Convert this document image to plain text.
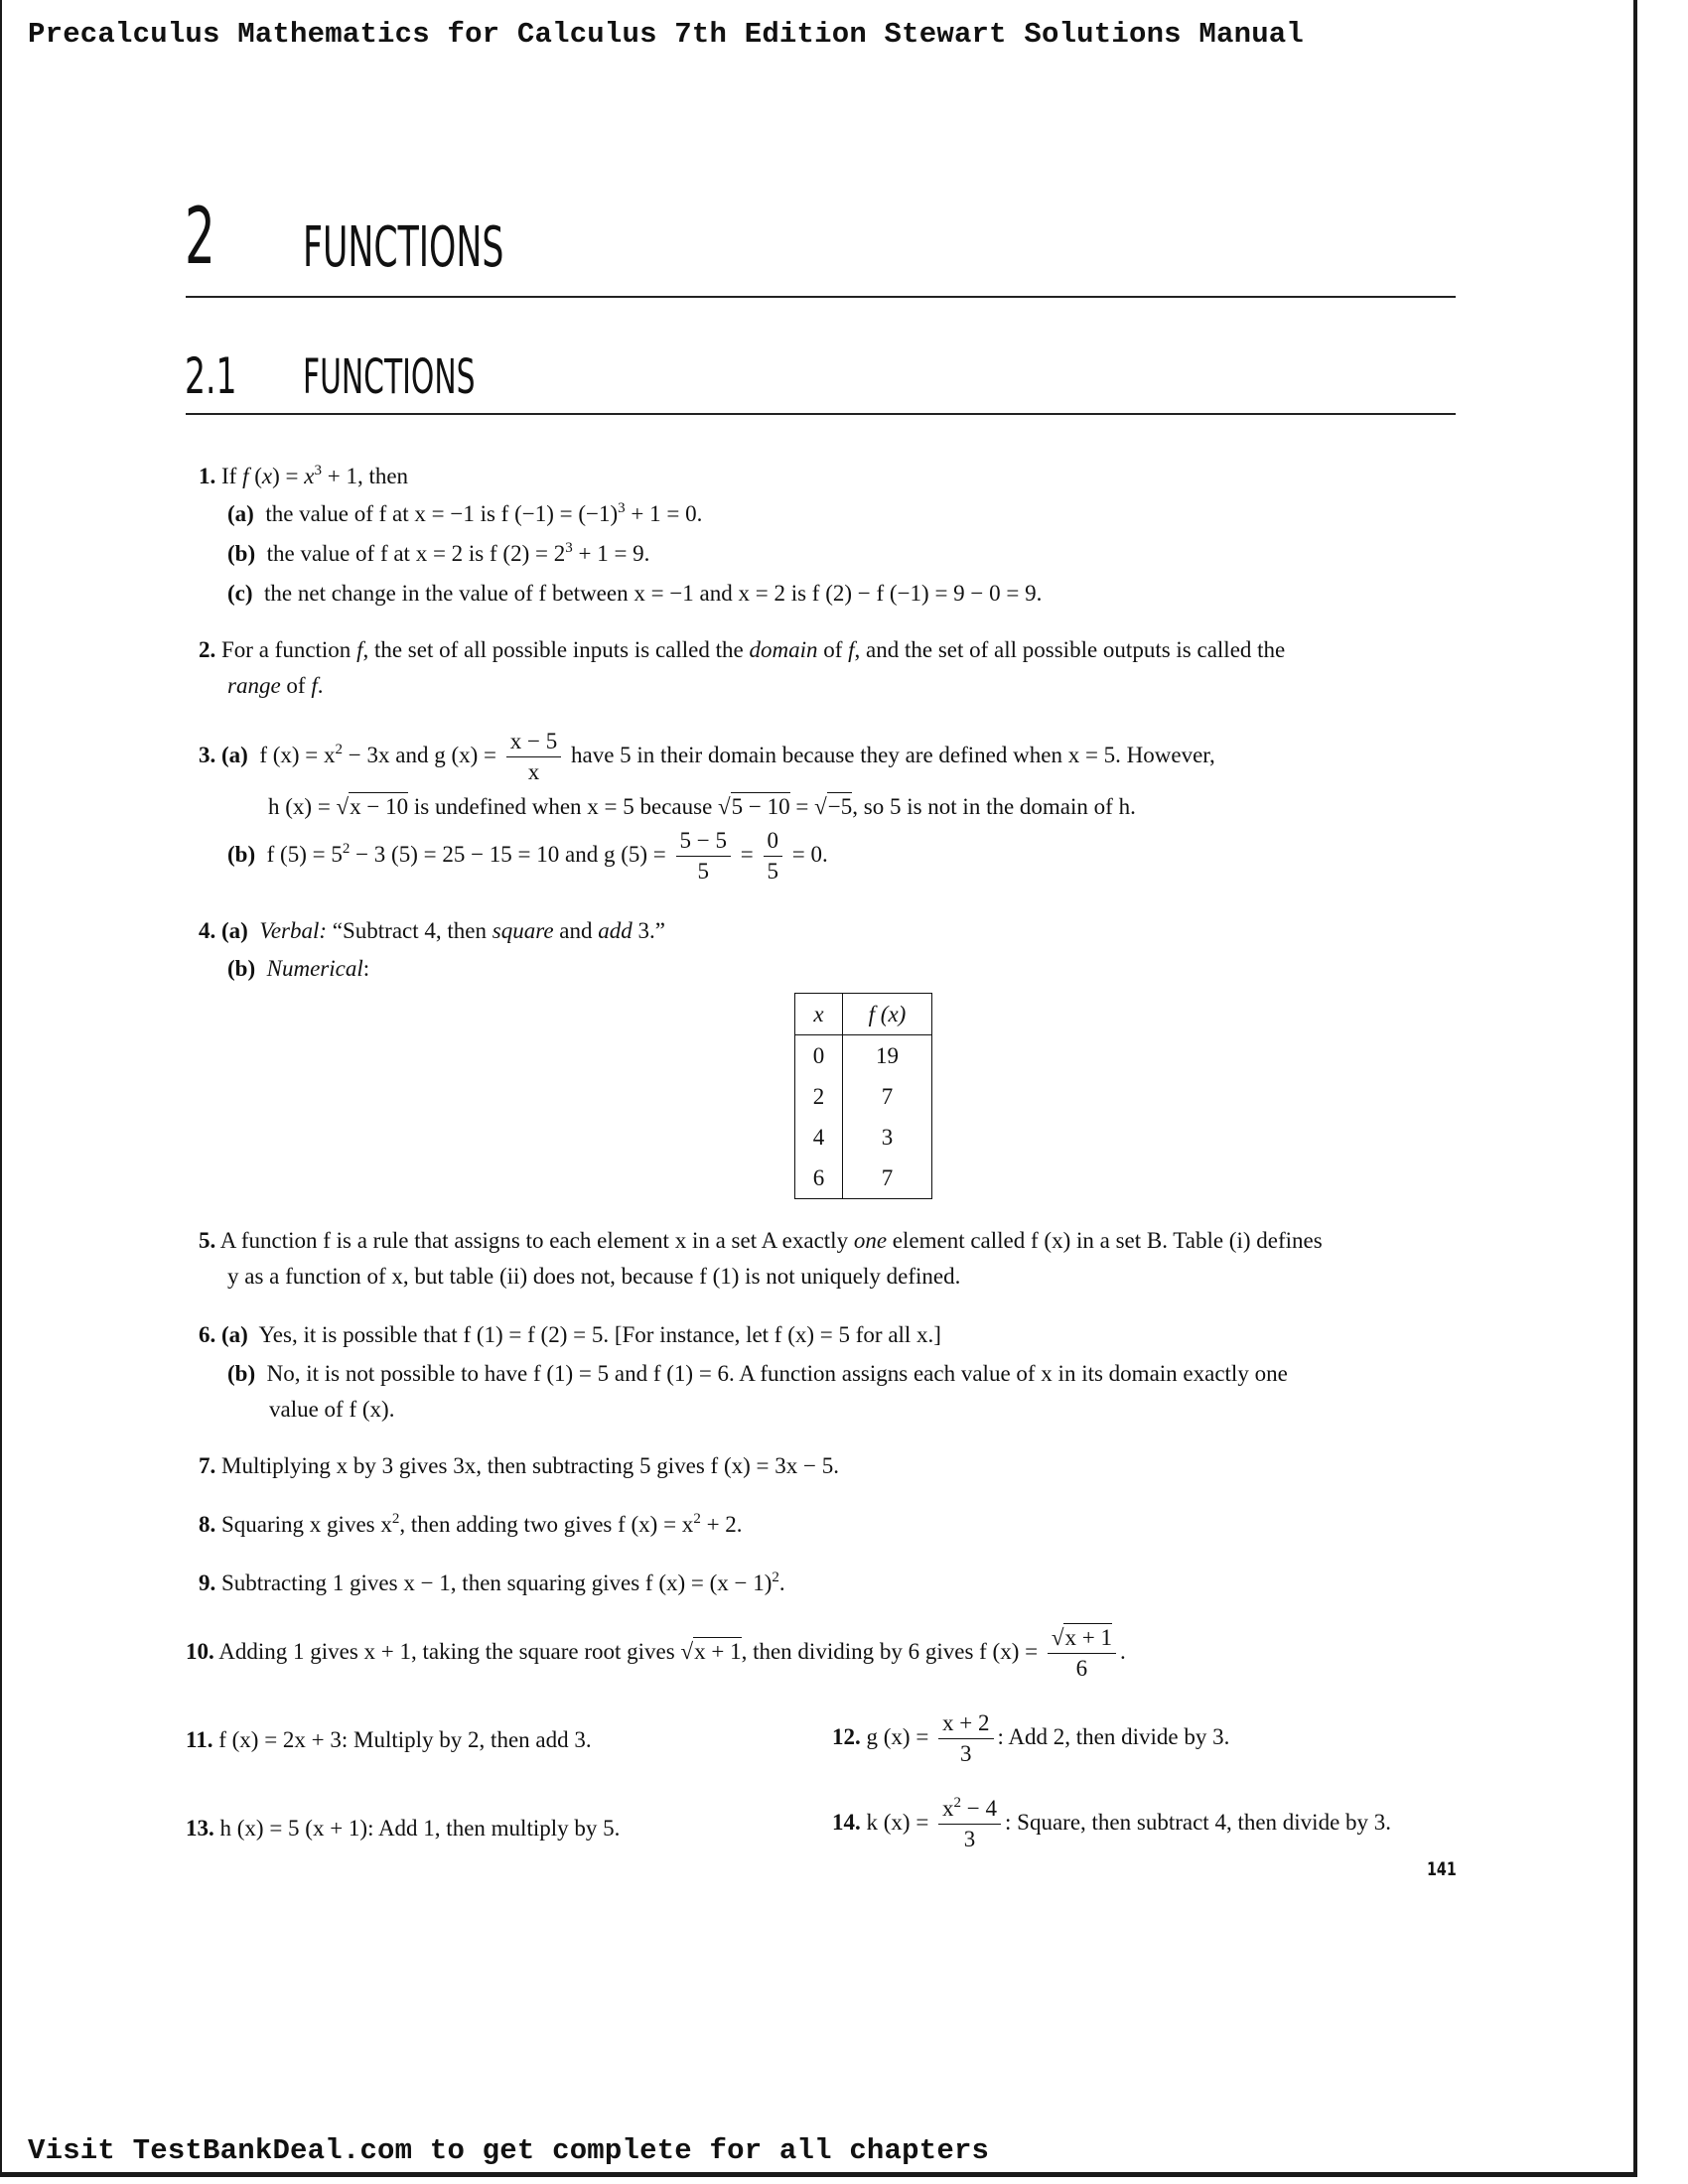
Precalculus Mathematics for Calculus 7th Edition Stewart Solutions Manual
2 FUNCTIONS
2.1 FUNCTIONS
1. If f $(x) = x^3 + 1$, then
(a) the value of f at x = −1 is f $(-1) = (-1)^3 + 1 = 0$.
(b) the value of f at x = 2 is f $(2) = 2^3 + 1 = 9$.
(c) the net change in the value of f between x = −1 and x = 2 is f (2) − f (−1) = 9 − 0 = 9.
2. For a function f, the set of all possible inputs is called the domain of f, and the set of all possible outputs is called the
range of f.
3. (a) f $(x) = x^2 - 3x$ and g $(x) = \frac{x - 5}{x}$ have 5 in their domain because they are defined when x = 5. However,
h (x) = √x − 10 is undefined when x = 5 because √5 − 10 = √−5, so 5 is not in the domain of h.
(b) f $(5) = 5^2 - 3$ (5) = 25 − 15 = 10 and g $(5) = \frac{5 - 5}{5} = \frac{0}{5} = 0$.
4. (a) Verbal: “Subtract 4, then square and add 3.”
(b) Numerical:
x	f (x)
0	19
2	7
4	3
6	7
5. A function f is a rule that assigns to each element x in a set A exactly one element called f (x) in a set B. Table (i) defines
y as a function of x, but table (ii) does not, because f (1) is not uniquely defined.
6. (a) Yes, it is possible that f (1) = f (2) = 5. [For instance, let f (x) = 5 for all x.]
(b) No, it is not possible to have f (1) = 5 and f (1) = 6. A function assigns each value of x in its domain exactly one
value of f (x).
7. Multiplying x by 3 gives 3x, then subtracting 5 gives f (x) = 3x − 5.
8. Squaring x gives $x^2$, then adding two gives f $(x) = x^2 + 2$.
9. Subtracting 1 gives x − 1, then squaring gives f $(x) = (x - 1)^2$.
10. Adding 1 gives x + 1, taking the square root gives √x + 1, then dividing by 6 gives f $(x) = \frac{√x + 1}{6}$ .
11. f (x) = 2x + 3: Multiply by 2, then add 3.	12. g $(x) = \frac{x + 2}{3}$ : Add 2, then divide by 3.
13. h (x) = 5 (x + 1): Add 1, then multiply by 5.	14. k $(x) = \frac{x^2 - 4}{3}$ : Square, then subtract 4, then divide by 3.
141
Visit TestBankDeal.com to get complete for all chapters
